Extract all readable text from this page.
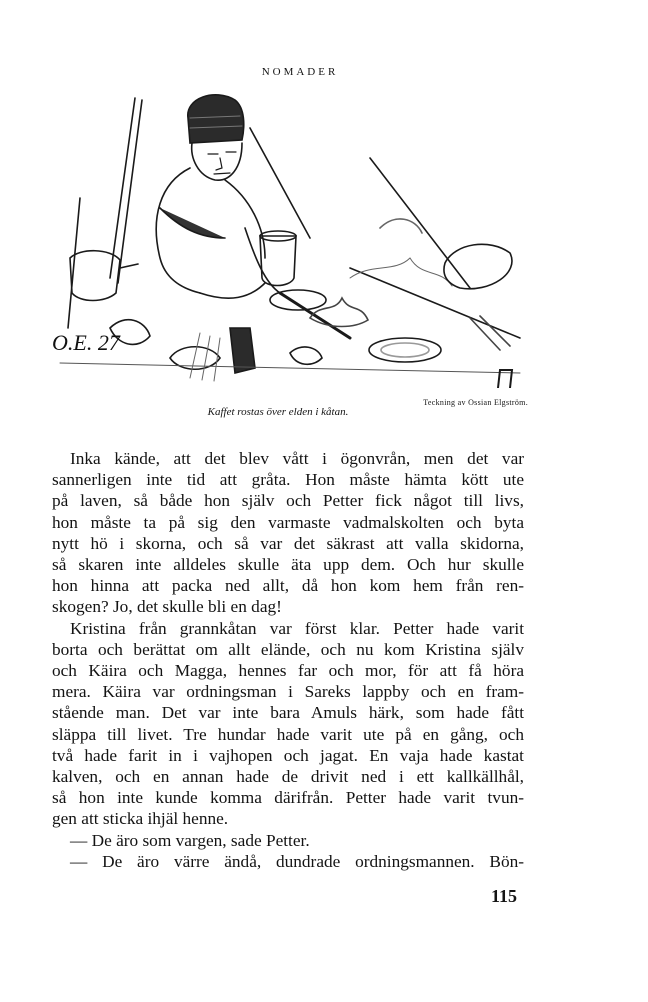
NOMADER
O.E. 27
Teckning av Ossian Elgström.
Kaffet rostas över elden i kåtan.
Inka kände, att det blev vått i ögonvrån, men det var
sannerligen inte tid att gråta. Hon måste hämta kött ute
på laven, så både hon själv och Petter fick något till livs,
hon måste ta på sig den varmaste vadmalskolten och byta
nytt hö i skorna, och så var det säkrast att valla skidorna,
så skaren inte alldeles skulle äta upp dem. Och hur skulle
hon hinna att packa ned allt, då hon kom hem från ren-
skogen? Jo, det skulle bli en dag!
Kristina från grannkåtan var först klar. Petter hade varit
borta och berättat om allt elände, och nu kom Kristina själv
och Käira och Magga, hennes far och mor, för att få höra
mera. Käira var ordningsman i Sareks lappby och en fram-
stående man. Det var inte bara Amuls härk, som hade fått
släppa till livet. Tre hundar hade varit ute på en gång, och
två hade farit in i vajhopen och jagat. En vaja hade kastat
kalven, och en annan hade de drivit ned i ett kallkällhål,
så hon inte kunde komma därifrån. Petter hade varit tvun-
gen att sticka ihjäl henne.
— De äro som vargen, sade Petter.
— De äro värre ändå, dundrade ordningsmannen. Bön-
115
